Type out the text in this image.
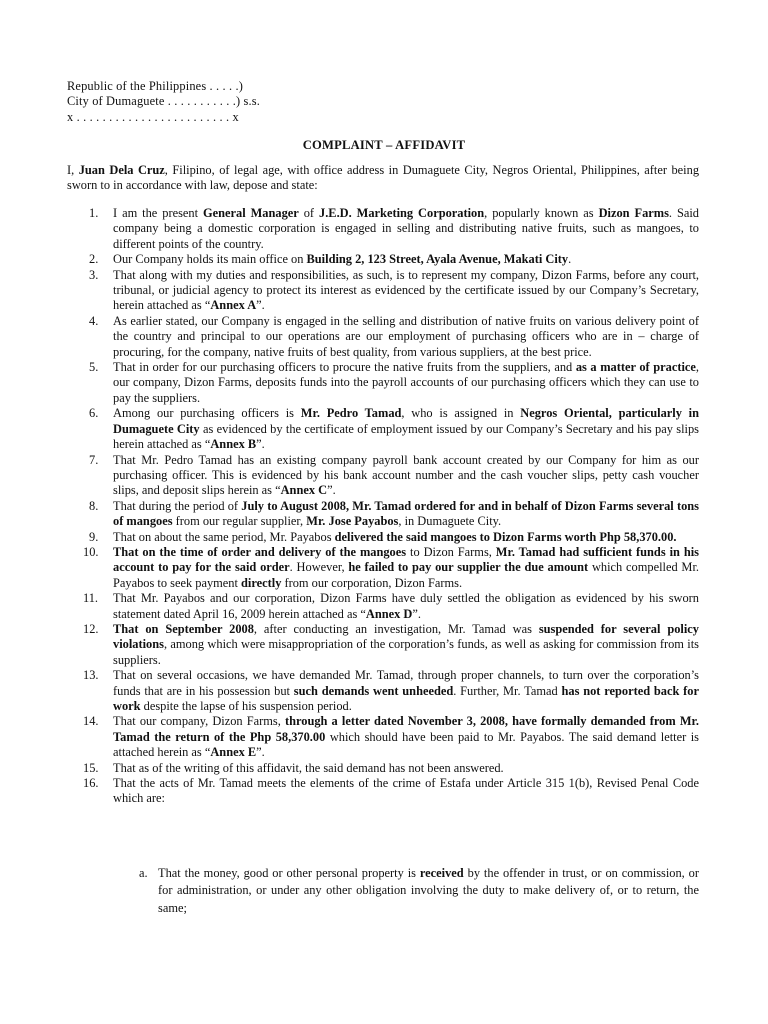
Republic of the Philippines . . . . .)
City of Dumaguete . . . . . . . . . . .) s.s.
x . . . . . . . . . . . . . . . . . . . . . . . . x
COMPLAINT – AFFIDAVIT
I, Juan Dela Cruz, Filipino, of legal age, with office address in Dumaguete City, Negros Oriental, Philippines, after being sworn to in accordance with law, depose and state:
1. I am the present General Manager of J.E.D. Marketing Corporation, popularly known as Dizon Farms. Said company being a domestic corporation is engaged in selling and distributing native fruits, such as mangoes, to different points of the country.
2. Our Company holds its main office on Building 2, 123 Street, Ayala Avenue, Makati City.
3. That along with my duties and responsibilities, as such, is to represent my company, Dizon Farms, before any court, tribunal, or judicial agency to protect its interest as evidenced by the certificate issued by our Company’s Secretary, herein attached as “Annex A”.
4. As earlier stated, our Company is engaged in the selling and distribution of native fruits on various delivery point of the country and principal to our operations are our employment of purchasing officers who are in – charge of procuring, for the company, native fruits of best quality, from various suppliers, at the best price.
5. That in order for our purchasing officers to procure the native fruits from the suppliers, and as a matter of practice, our company, Dizon Farms, deposits funds into the payroll accounts of our purchasing officers which they can use to pay the suppliers.
6. Among our purchasing officers is Mr. Pedro Tamad, who is assigned in Negros Oriental, particularly in Dumaguete City as evidenced by the certificate of employment issued by our Company’s Secretary and his pay slips herein attached as “Annex B”.
7. That Mr. Pedro Tamad has an existing company payroll bank account created by our Company for him as our purchasing officer. This is evidenced by his bank account number and the cash voucher slips, petty cash voucher slips, and deposit slips herein as “Annex C”.
8. That during the period of July to August 2008, Mr. Tamad ordered for and in behalf of Dizon Farms several tons of mangoes from our regular supplier, Mr. Jose Payabos, in Dumaguete City.
9. That on about the same period, Mr. Payabos delivered the said mangoes to Dizon Farms worth Php 58,370.00.
10. That on the time of order and delivery of the mangoes to Dizon Farms, Mr. Tamad had sufficient funds in his account to pay for the said order. However, he failed to pay our supplier the due amount which compelled Mr. Payabos to seek payment directly from our corporation, Dizon Farms.
11. That Mr. Payabos and our corporation, Dizon Farms have duly settled the obligation as evidenced by his sworn statement dated April 16, 2009 herein attached as “Annex D”.
12. That on September 2008, after conducting an investigation, Mr. Tamad was suspended for several policy violations, among which were misappropriation of the corporation’s funds, as well as asking for commission from its suppliers.
13. That on several occasions, we have demanded Mr. Tamad, through proper channels, to turn over the corporation’s funds that are in his possession but such demands went unheeded. Further, Mr. Tamad has not reported back for work despite the lapse of his suspension period.
14. That our company, Dizon Farms, through a letter dated November 3, 2008, have formally demanded from Mr. Tamad the return of the Php 58,370.00 which should have been paid to Mr. Payabos. The said demand letter is attached herein as “Annex E”.
15. That as of the writing of this affidavit, the said demand has not been answered.
16. That the acts of Mr. Tamad meets the elements of the crime of Estafa under Article 315 1(b), Revised Penal Code which are:
a. That the money, good or other personal property is received by the offender in trust, or on commission, or for administration, or under any other obligation involving the duty to make delivery of, or to return, the same;
